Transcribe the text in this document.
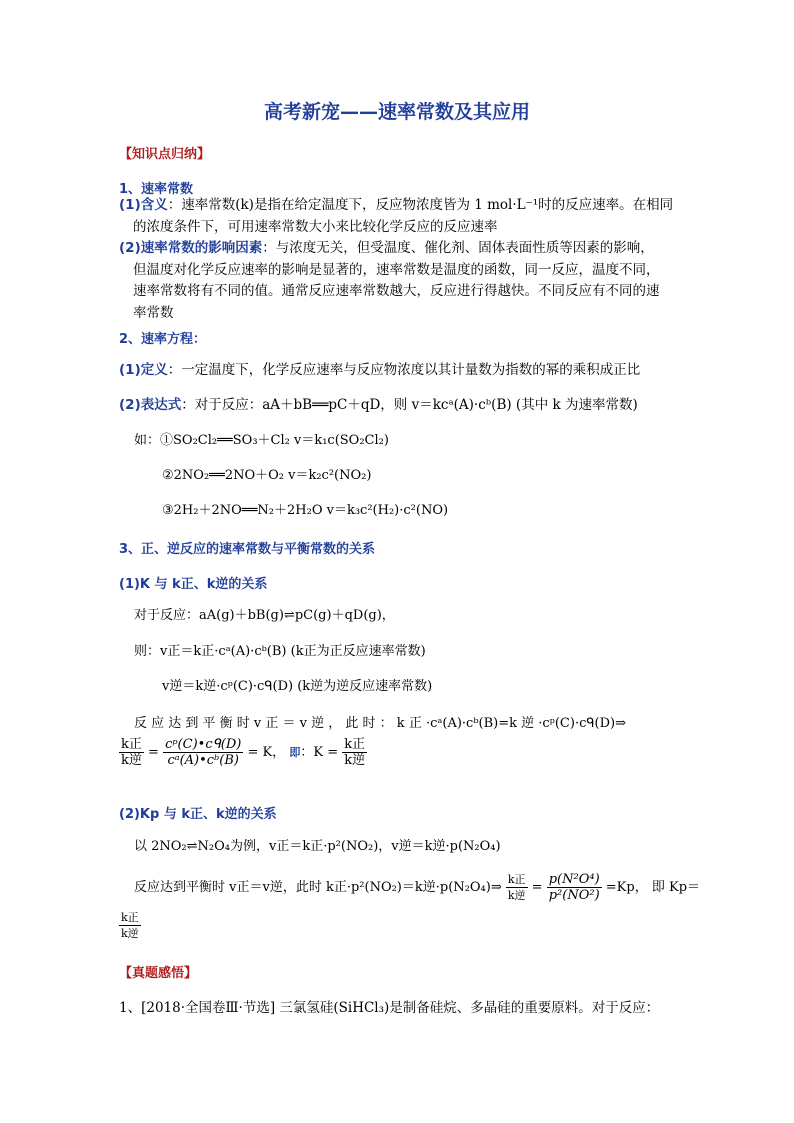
高考新宠——速率常数及其应用
【知识点归纳】
1、速率常数
(1)含义：速率常数(k)是指在给定温度下，反应物浓度皆为 1 mol·L⁻¹时的反应速率。在相同
的浓度条件下，可用速率常数大小来比较化学反应的反应速率
(2)速率常数的影响因素：与浓度无关，但受温度、催化剂、固体表面性质等因素的影响，
但温度对化学反应速率的影响是显著的，速率常数是温度的函数，同一反应，温度不同，
速率常数将有不同的值。通常反应速率常数越大，反应进行得越快。不同反应有不同的速
率常数
2、速率方程：
(1)定义：一定温度下，化学反应速率与反应物浓度以其计量数为指数的幂的乘积成正比
(2)表达式：对于反应：aA＋bB══pC＋qD，则 v＝kcᵃ(A)·cᵇ(B) (其中 k 为速率常数)
如：①SO₂Cl₂══SO₃＋Cl₂ v＝k₁c(SO₂Cl₂)
②2NO₂══2NO＋O₂ v＝k₂c²(NO₂)
③2H₂＋2NO══N₂＋2H₂O v＝k₃c²(H₂)·c²(NO)
3、正、逆反应的速率常数与平衡常数的关系
(1)K 与 k正、k逆的关系
对于反应：aA(g)＋bB(g)⇌pC(g)＋qD(g)，
则：v正＝k正·cᵃ(A)·cᵇ(B) (k正为正反应速率常数)
v逆＝k逆·cᵖ(C)·cᑫ(D) (k逆为逆反应速率常数)
反 应 达 到 平 衡 时 v 正 ＝ v 逆 ， 此 时 ： k 正 ·cᵃ(A)·cᵇ(B)=k 逆 ·cᵖ(C)·cᑫ(D)⇒
$\frac{\text{k正}}{\text{k逆}} = \frac{\text{cᵖ(C)•cᑫ(D)}}{\text{cᵃ(A)•cᵇ(B)}} = K$， 即：$K = \frac{\text{k正}}{\text{k逆}}$
(2)Kp 与 k正、k逆的关系
以 2NO₂⇌N₂O₄为例，v正＝k正·p²(NO₂)，v逆＝k逆·p(N₂O₄)
反应达到平衡时 v正＝v逆，此时 k正·p²(NO₂)＝k逆·p(N₂O₄)⇒ $\frac{\text{k正}}{\text{k逆}} = \frac{\text{p(N²O⁴)}}{\text{p²(NO²)}} =Kp$， 即 Kp＝
$\frac{\text{k正}}{\text{k逆}}$
【真题感悟】
1、[2018·全国卷Ⅲ·节选] 三氯氢硅(SiHCl₃)是制备硅烷、多晶硅的重要原料。对于反应：
